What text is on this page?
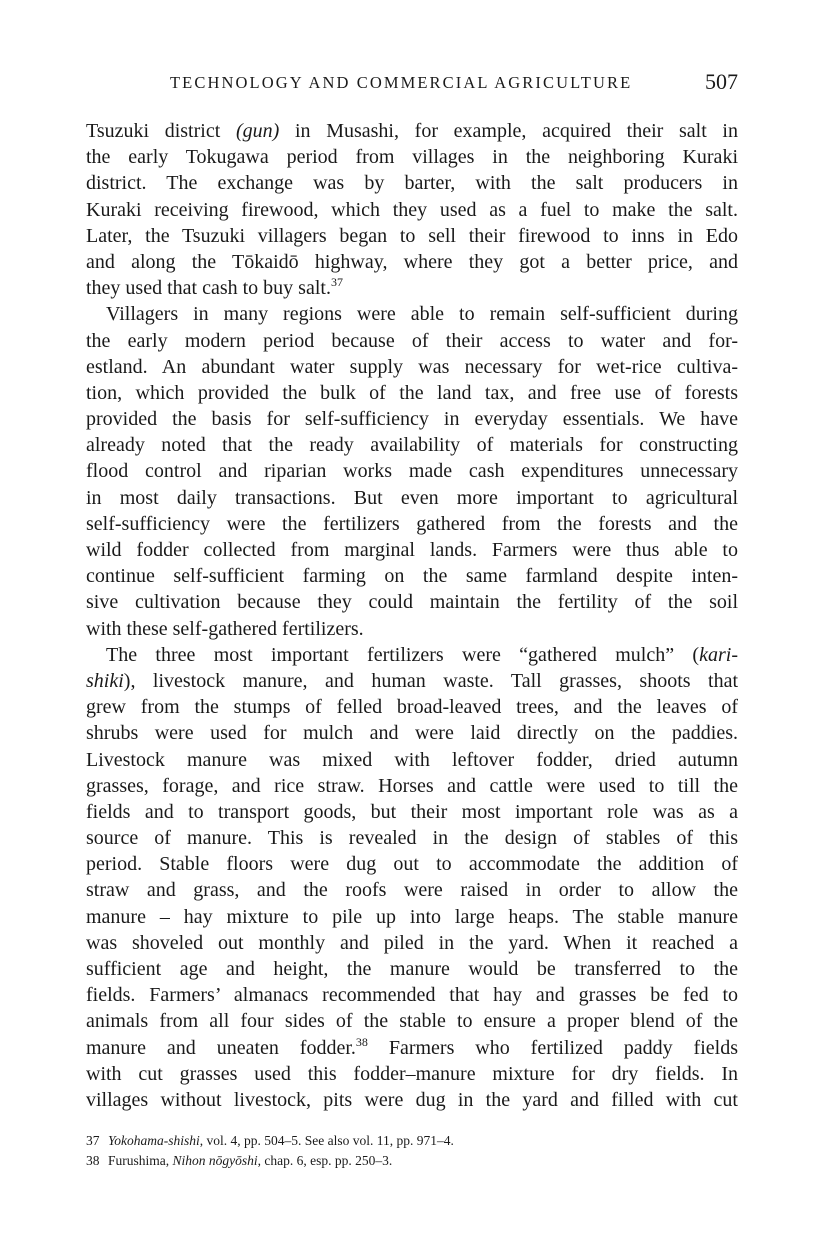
TECHNOLOGY AND COMMERCIAL AGRICULTURE	507
Tsuzuki district (gun) in Musashi, for example, acquired their salt in
the early Tokugawa period from villages in the neighboring Kuraki
district. The exchange was by barter, with the salt producers in
Kuraki receiving firewood, which they used as a fuel to make the salt.
Later, the Tsuzuki villagers began to sell their firewood to inns in Edo
and along the Tōkaidō highway, where they got a better price, and
they used that cash to buy salt.$^{37}$
Villagers in many regions were able to remain self-sufficient during
the early modern period because of their access to water and for-
estland. An abundant water supply was necessary for wet-rice cultiva-
tion, which provided the bulk of the land tax, and free use of forests
provided the basis for self-sufficiency in everyday essentials. We have
already noted that the ready availability of materials for constructing
flood control and riparian works made cash expenditures unnecessary
in most daily transactions. But even more important to agricultural
self-sufficiency were the fertilizers gathered from the forests and the
wild fodder collected from marginal lands. Farmers were thus able to
continue self-sufficient farming on the same farmland despite inten-
sive cultivation because they could maintain the fertility of the soil
with these self-gathered fertilizers.
The three most important fertilizers were “gathered mulch” (kari-
shiki), livestock manure, and human waste. Tall grasses, shoots that
grew from the stumps of felled broad-leaved trees, and the leaves of
shrubs were used for mulch and were laid directly on the paddies.
Livestock manure was mixed with leftover fodder, dried autumn
grasses, forage, and rice straw. Horses and cattle were used to till the
fields and to transport goods, but their most important role was as a
source of manure. This is revealed in the design of stables of this
period. Stable floors were dug out to accommodate the addition of
straw and grass, and the roofs were raised in order to allow the
manure – hay mixture to pile up into large heaps. The stable manure
was shoveled out monthly and piled in the yard. When it reached a
sufficient age and height, the manure would be transferred to the
fields. Farmers’ almanacs recommended that hay and grasses be fed to
animals from all four sides of the stable to ensure a proper blend of the
manure and uneaten fodder.$^{38}$ Farmers who fertilized paddy fields
with cut grasses used this fodder–manure mixture for dry fields. In
villages without livestock, pits were dug in the yard and filled with cut
37 Yokohama-shishi, vol. 4, pp. 504–5. See also vol. 11, pp. 971–4.
38 Furushima, Nihon nōgyōshi, chap. 6, esp. pp. 250–3.
